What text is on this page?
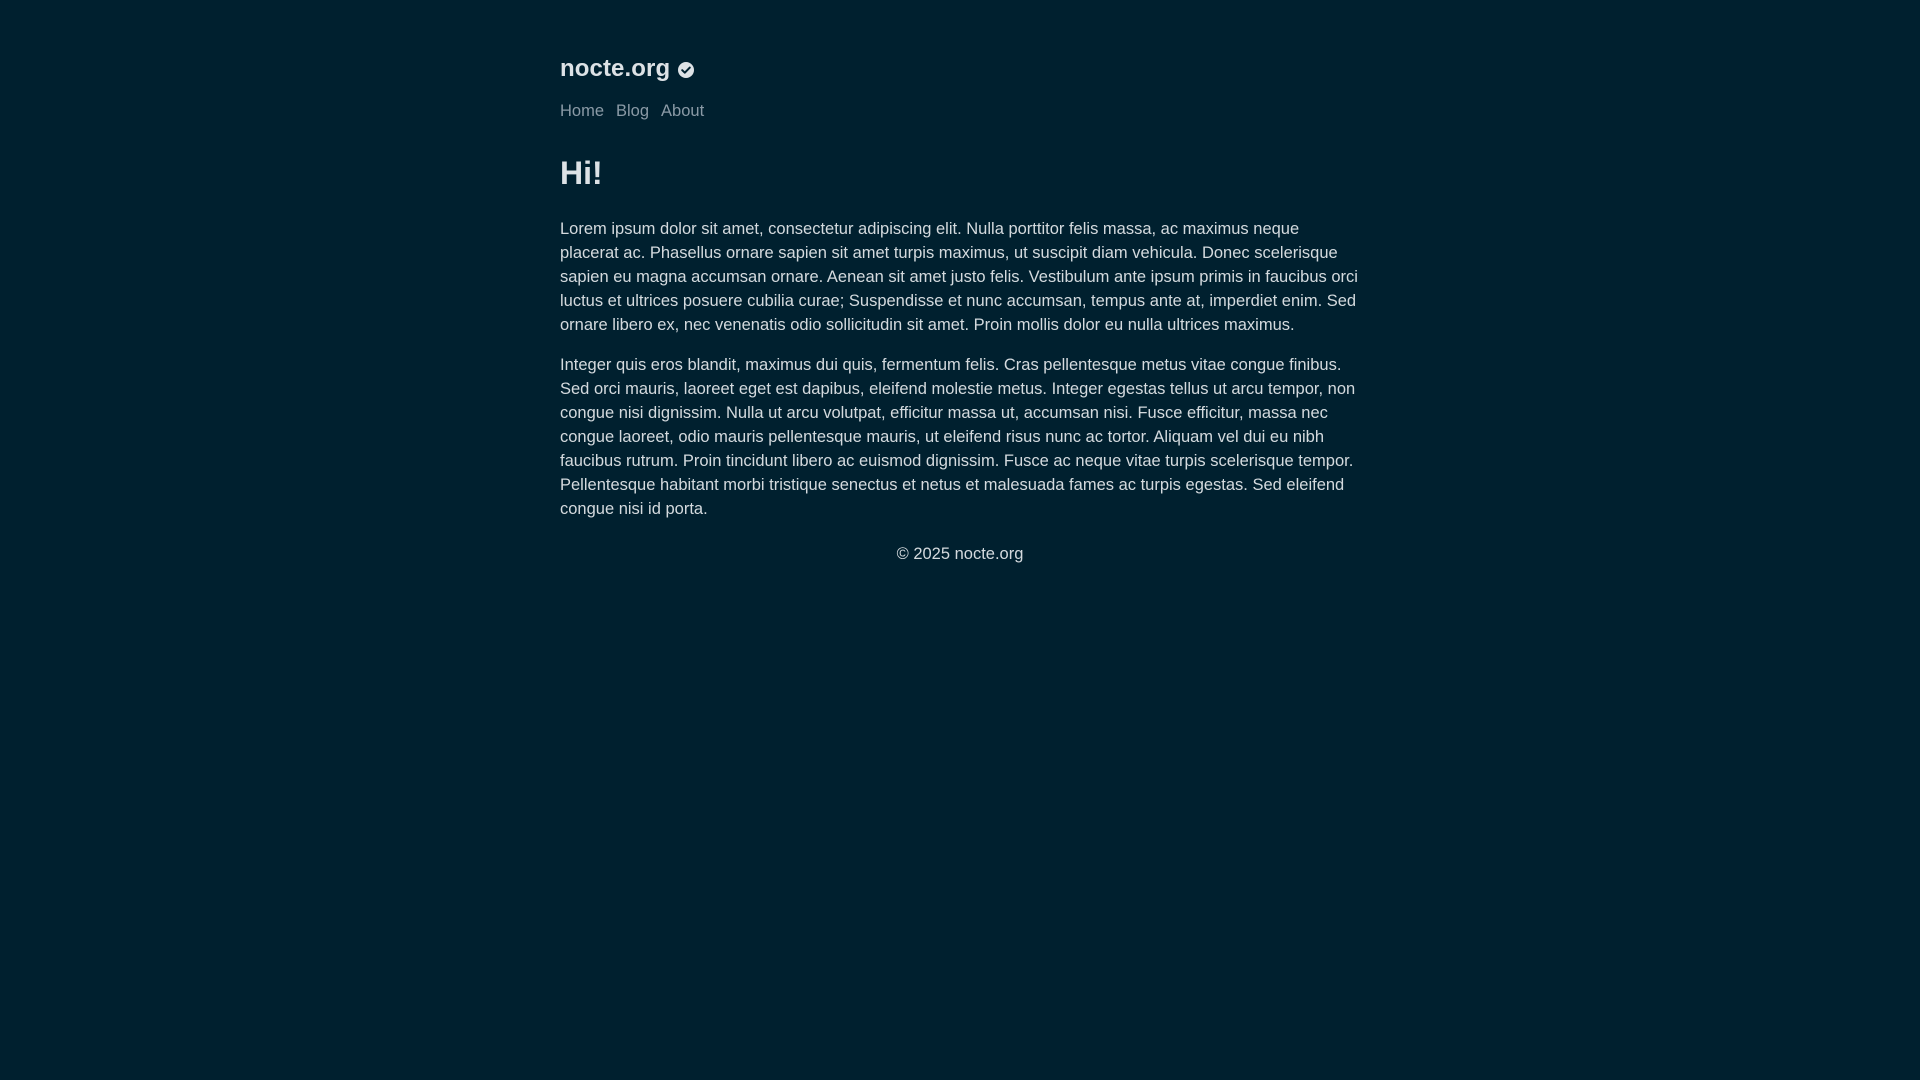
nocte.org
Home Blog About
Hi!

Lorem ipsum dolor sit amet, consectetur adipiscing elit. Nulla porttitor felis massa, ac maximus neque placerat ac. Phasellus ornare sapien sit amet turpis maximus, ut suscipit diam vehicula. Donec scelerisque sapien eu magna accumsan ornare. Aenean sit amet justo felis. Vestibulum ante ipsum primis in faucibus orci luctus et ultrices posuere cubilia curae; Suspendisse et nunc accumsan, tempus ante at, imperdiet enim. Sed ornare libero ex, nec venenatis odio sollicitudin sit amet. Proin mollis dolor eu nulla ultrices maximus.

Integer quis eros blandit, maximus dui quis, fermentum felis. Cras pellentesque metus vitae congue finibus. Sed orci mauris, laoreet eget est dapibus, eleifend molestie metus. Integer egestas tellus ut arcu tempor, non congue nisi dignissim. Nulla ut arcu volutpat, efficitur massa ut, accumsan nisi. Fusce efficitur, massa nec congue laoreet, odio mauris pellentesque mauris, ut eleifend risus nunc ac tortor. Aliquam vel dui eu nibh faucibus rutrum. Proin tincidunt libero ac euismod dignissim. Fusce ac neque vitae turpis scelerisque tempor. Pellentesque habitant morbi tristique senectus et netus et malesuada fames ac turpis egestas. Sed eleifend congue nisi id porta.

© 2025 nocte.org
